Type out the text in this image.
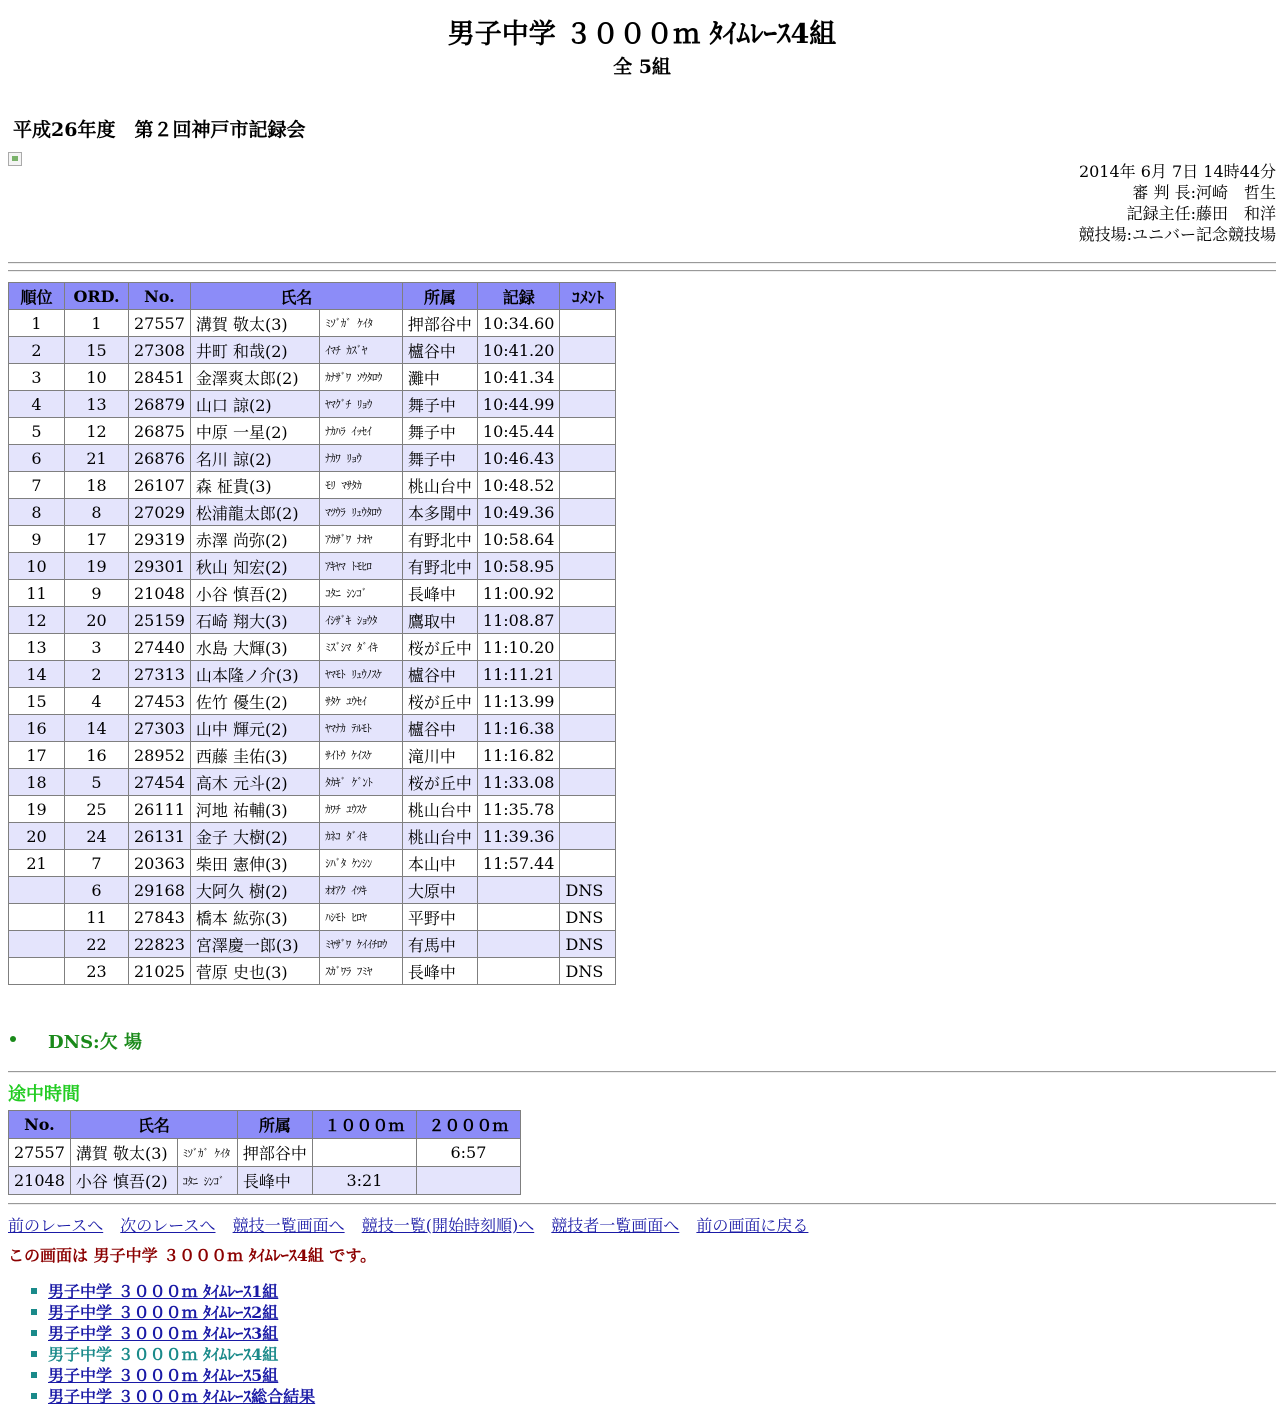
男子中学 ３０００ｍ ﾀｲﾑﾚｰｽ4組
全 5組
平成26年度　第２回神戸市記録会
2014年 6月 7日 14時44分
審 判 長:河崎　哲生
記録主任:藤田　和洋
競技場:ユニバー記念競技場
順位	ORD.	No.	氏名		所属	記録	ｺﾒﾝﾄ
1	1	27557	溝賀 敬太(3)	ﾐｿﾞｶﾞ ｹｲﾀ	押部谷中	10:34.60	
2	15	27308	井町 和哉(2)	ｲﾏﾁ ｶｽﾞﾔ	櫨谷中	10:41.20	
3	10	28451	金澤爽太郎(2)	ｶﾅｻﾞﾜ ｿｳﾀﾛｳ	灘中	10:41.34	
4	13	26879	山口 諒(2)	ﾔﾏｸﾞﾁ ﾘｮｳ	舞子中	10:44.99	
5	12	26875	中原 一星(2)	ﾅｶﾊﾗ ｲｯｾｲ	舞子中	10:45.44	
6	21	26876	名川 諒(2)	ﾅｶﾜ ﾘｮｳ	舞子中	10:46.43	
7	18	26107	森 柾貴(3)	ﾓﾘ ﾏｻﾀｶ	桃山台中	10:48.52	
8	8	27029	松浦龍太郎(2)	ﾏﾂｳﾗ ﾘｭｳﾀﾛｳ	本多聞中	10:49.36	
9	17	29319	赤澤 尚弥(2)	ｱｶｻﾞﾜ ﾅｵﾔ	有野北中	10:58.64	
10	19	29301	秋山 知宏(2)	ｱｷﾔﾏ ﾄﾓﾋﾛ	有野北中	10:58.95	
11	9	21048	小谷 慎吾(2)	ｺﾀﾆ ｼﾝｺﾞ	長峰中	11:00.92	
12	20	25159	石崎 翔大(3)	ｲｼｻﾞｷ ｼｮｳﾀ	鷹取中	11:08.87	
13	3	27440	水島 大輝(3)	ﾐｽﾞｼﾏ ﾀﾞｲｷ	桜が丘中	11:10.20	
14	2	27313	山本隆ノ介(3)	ﾔﾏﾓﾄ ﾘｭｳﾉｽｹ	櫨谷中	11:11.21	
15	4	27453	佐竹 優生(2)	ｻﾀｹ ﾕｳｾｲ	桜が丘中	11:13.99	
16	14	27303	山中 輝元(2)	ﾔﾏﾅｶ ﾃﾙﾓﾄ	櫨谷中	11:16.38	
17	16	28952	西藤 圭佑(3)	ｻｲﾄｳ ｹｲｽｹ	滝川中	11:16.82	
18	5	27454	高木 元斗(2)	ﾀｶｷﾞ ｹﾞﾝﾄ	桜が丘中	11:33.08	
19	25	26111	河地 祐輔(3)	ｶﾜﾁ ﾕｳｽｹ	桃山台中	11:35.78	
20	24	26131	金子 大樹(2)	ｶﾈｺ ﾀﾞｲｷ	桃山台中	11:39.36	
21	7	20363	柴田 憲伸(3)	ｼﾊﾞﾀ ｹﾝｼﾝ	本山中	11:57.44	
	6	29168	大阿久 樹(2)	ｵｵｱｸ ｲﾂｷ	大原中		DNS
	11	27843	橋本 紘弥(3)	ﾊｼﾓﾄ ﾋﾛﾔ	平野中		DNS
	22	22823	宮澤慶一郎(3)	ﾐﾔｻﾞﾜ ｹｲｲﾁﾛｳ	有馬中		DNS
	23	21025	菅原 史也(3)	ｽｶﾞﾜﾗ ﾌﾐﾔ	長峰中		DNS
DNS:欠 場
途中時間
No.	氏名		所属	１０００ｍ	２０００ｍ
27557	溝賀 敬太(3)	ﾐｿﾞｶﾞ ｹｲﾀ	押部谷中		6:57
21048	小谷 慎吾(2)	ｺﾀﾆ ｼﾝｺﾞ	長峰中	3:21	
前のレースへ 次のレースへ 競技一覧画面へ 競技一覧(開始時刻順)へ 競技者一覧画面へ 前の画面に戻る
この画面は 男子中学 ３０００ｍ ﾀｲﾑﾚｰｽ4組 です。
男子中学 ３０００ｍ ﾀｲﾑﾚｰｽ1組
男子中学 ３０００ｍ ﾀｲﾑﾚｰｽ2組
男子中学 ３０００ｍ ﾀｲﾑﾚｰｽ3組
男子中学 ３０００ｍ ﾀｲﾑﾚｰｽ4組
男子中学 ３０００ｍ ﾀｲﾑﾚｰｽ5組
男子中学 ３０００ｍ ﾀｲﾑﾚｰｽ総合結果
